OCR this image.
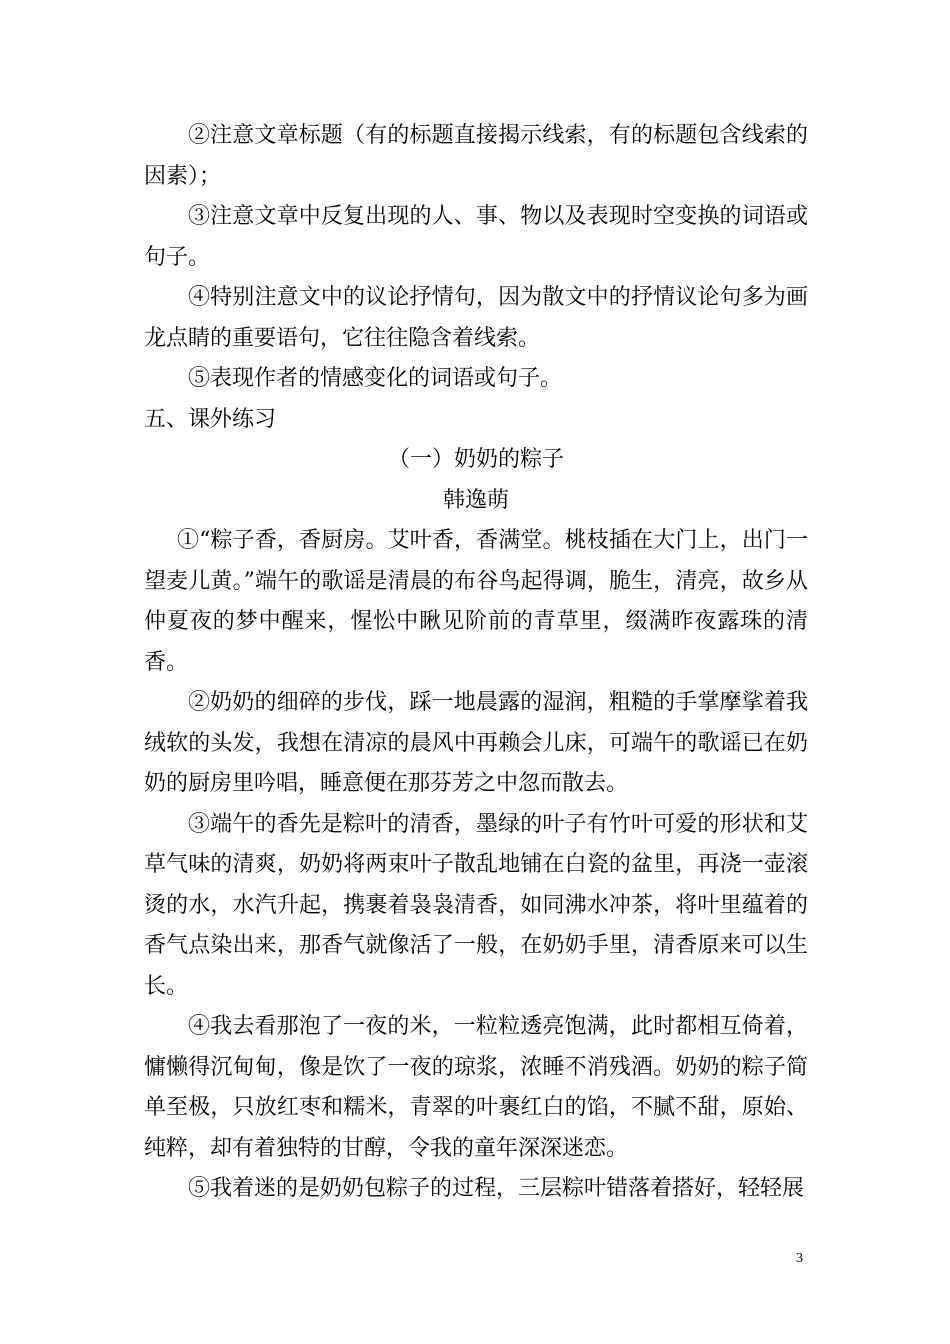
②注意文章标题（有的标题直接揭示线索，有的标题包含线索的因素）；

③注意文章中反复出现的人、事、物以及表现时空变换的词语或句子。

④特别注意文中的议论抒情句，因为散文中的抒情议论句多为画龙点睛的重要语句，它往往隐含着线索。

⑤表现作者的情感变化的词语或句子。

五、课外练习

（一）奶奶的粽子

韩逸萌

①“粽子香，香厨房。艾叶香，香满堂。桃枝插在大门上，出门一望麦儿黄。”端午的歌谣是清晨的布谷鸟起得调，脆生，清亮，故乡从仲夏夜的梦中醒来，惺忪中瞅见阶前的青草里，缀满昨夜露珠的清香。

②奶奶的细碎的步伐，踩一地晨露的湿润，粗糙的手掌摩挲着我绒软的头发，我想在清凉的晨风中再赖会儿床，可端午的歌谣已在奶奶的厨房里吟唱，睡意便在那芬芳之中忽而散去。

③端午的香先是粽叶的清香，墨绿的叶子有竹叶可爱的形状和艾草气味的清爽，奶奶将两束叶子散乱地铺在白瓷的盆里，再浇一壶滚烫的水，水汽升起，携裹着袅袅清香，如同沸水冲茶，将叶里蕴着的香气点染出来，那香气就像活了一般，在奶奶手里，清香原来可以生长。

④我去看那泡了一夜的米，一粒粒透亮饱满，此时都相互倚着，慵懒得沉甸甸，像是饮了一夜的琼浆，浓睡不消残酒。奶奶的粽子简单至极，只放红枣和糯米，青翠的叶裹红白的馅，不腻不甜，原始、纯粹，却有着独特的甘醇，令我的童年深深迷恋。

⑤我着迷的是奶奶包粽子的过程，三层粽叶错落着搭好，轻轻展

3
